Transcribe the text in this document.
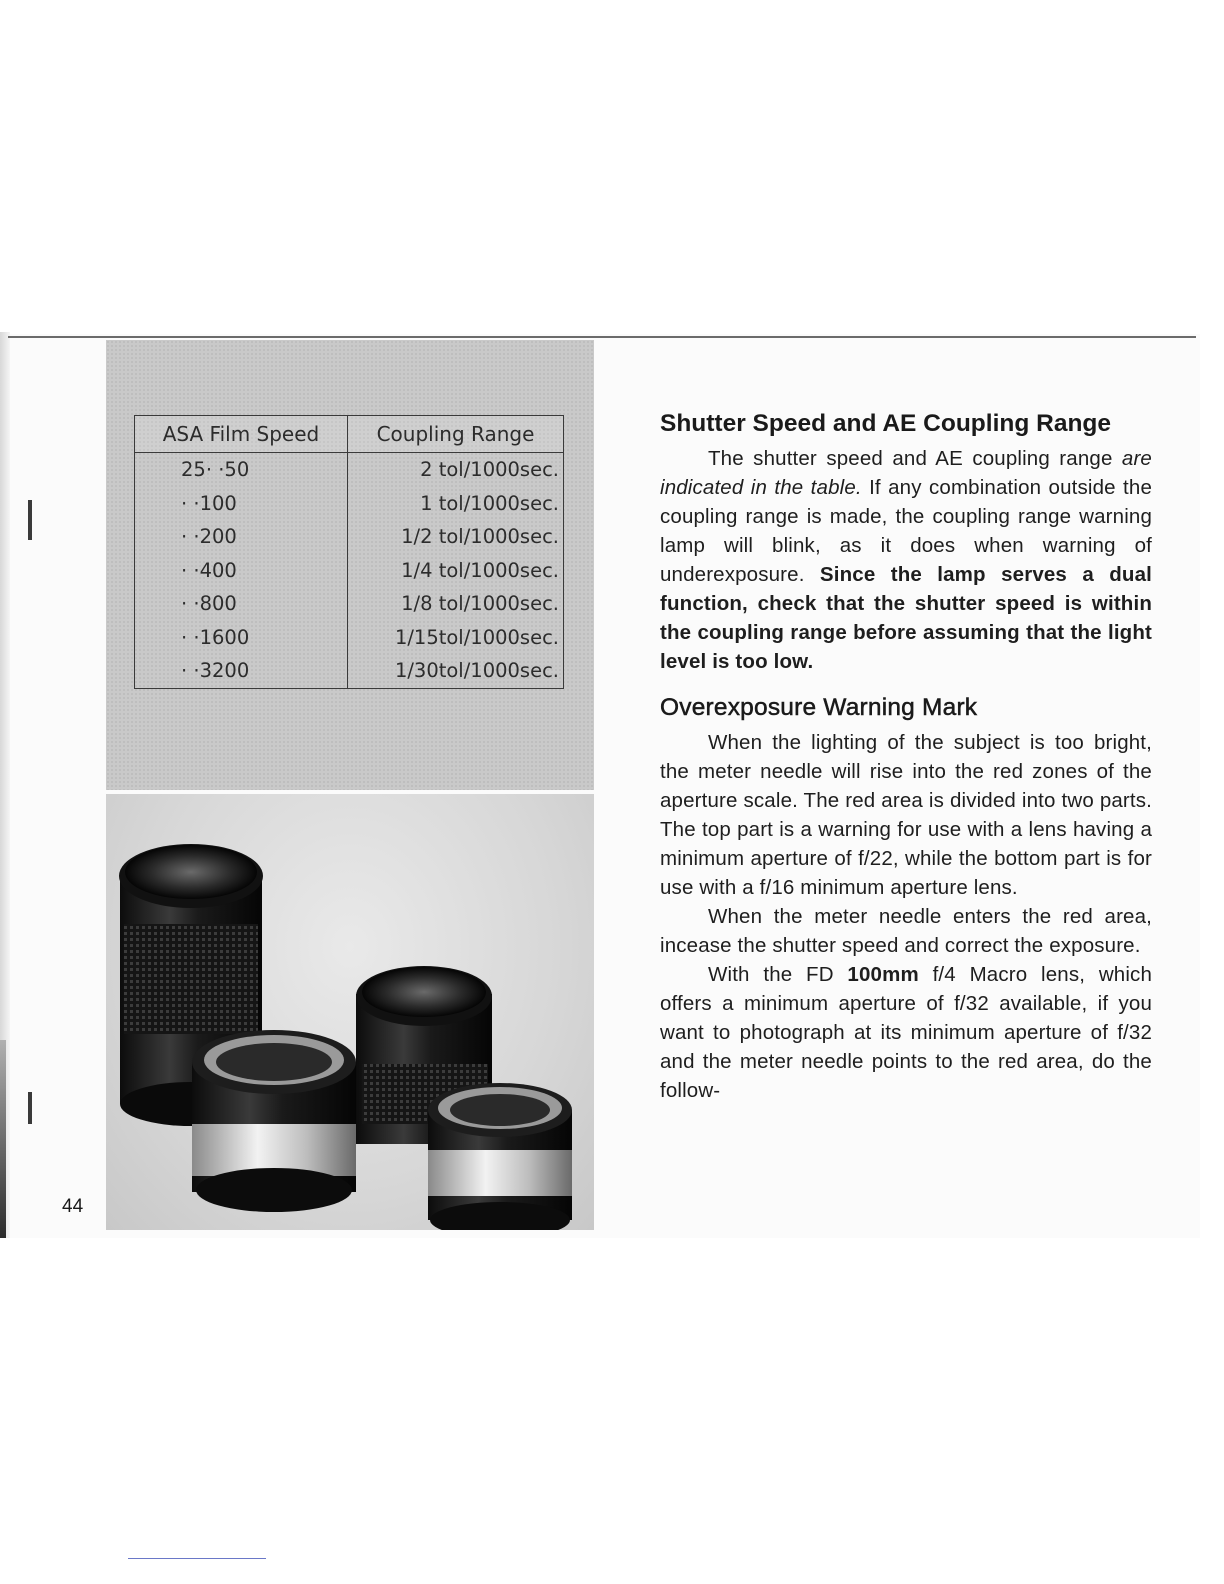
ASA Film Speed	Coupling Range
25· ·50	2 tol/1000sec.
· ·100	1 tol/1000sec.
· ·200	1/2 tol/1000sec.
· ·400	1/4 tol/1000sec.
· ·800	1/8 tol/1000sec.
· ·1600	1/15tol/1000sec.
· ·3200	1/30tol/1000sec.
44
Shutter Speed and AE Coupling Range

The shutter speed and AE coupling range are indicated in the table. If any combination outside the coupling range is made, the coupling range warning lamp will blink, as it does when warning of underexposure. Since the lamp serves a dual function, check that the shutter speed is within the coupling range before assuming that the light level is too low.

Overexposure Warning Mark

When the lighting of the subject is too bright, the meter needle will rise into the red zones of the aperture scale. The red area is divided into two parts. The top part is a warning for use with a lens having a minimum aperture of f/22, while the bottom part is for use with a f/16 minimum aperture lens.

When the meter needle enters the red area, incease the shutter speed and correct the exposure.

With the FD 100mm f/4 Macro lens, which offers a minimum aperture of f/32 available, if you want to photograph at its minimum aperture of f/32 and the meter needle points to the red area, do the follow-
